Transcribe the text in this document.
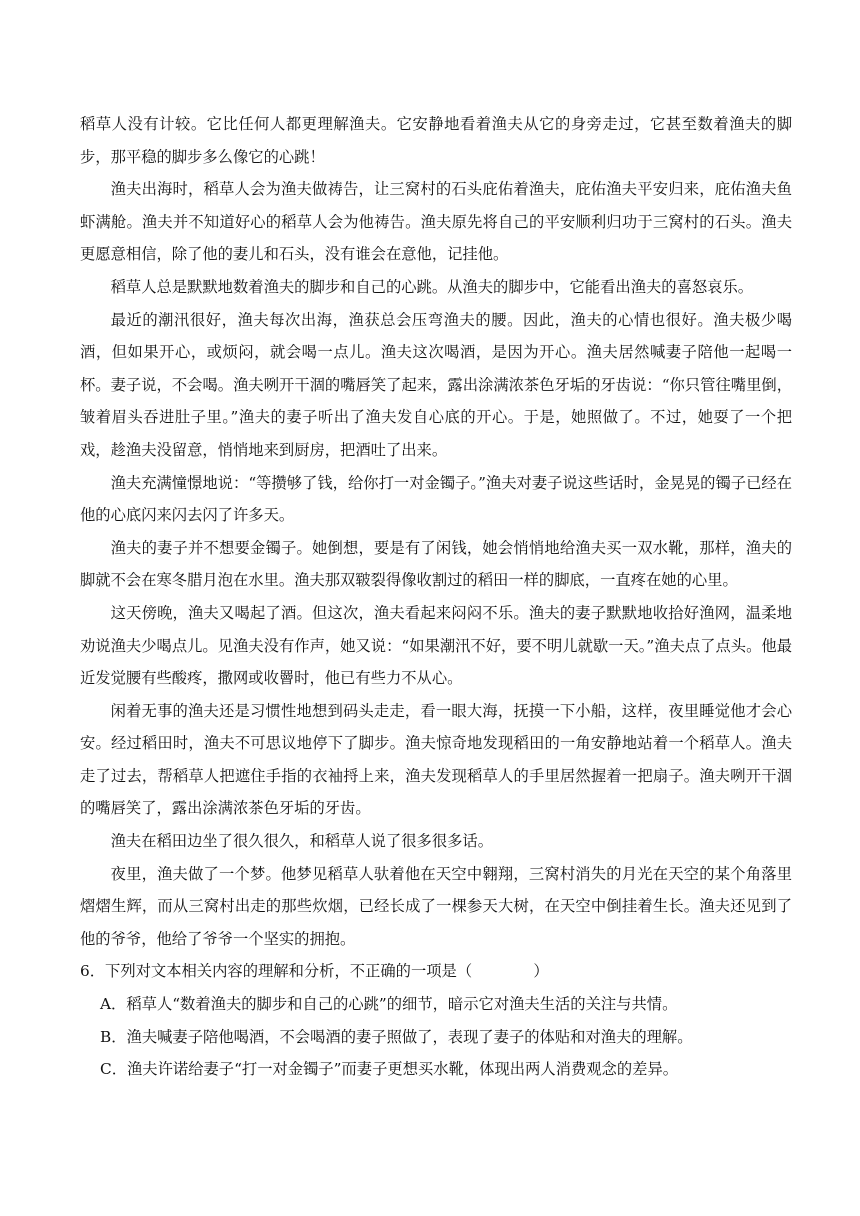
稻草人没有计较。它比任何人都更理解渔夫。它安静地看着渔夫从它的身旁走过，它甚至数着渔夫的脚步，那平稳的脚步多么像它的心跳！

渔夫出海时，稻草人会为渔夫做祷告，让三窝村的石头庇佑着渔夫，庇佑渔夫平安归来，庇佑渔夫鱼虾满舱。渔夫并不知道好心的稻草人会为他祷告。渔夫原先将自己的平安顺利归功于三窝村的石头。渔夫更愿意相信，除了他的妻儿和石头，没有谁会在意他，记挂他。

稻草人总是默默地数着渔夫的脚步和自己的心跳。从渔夫的脚步中，它能看出渔夫的喜怒哀乐。

最近的潮汛很好，渔夫每次出海，渔获总会压弯渔夫的腰。因此，渔夫的心情也很好。渔夫极少喝酒，但如果开心，或烦闷，就会喝一点儿。渔夫这次喝酒，是因为开心。渔夫居然喊妻子陪他一起喝一杯。妻子说，不会喝。渔夫咧开干涸的嘴唇笑了起来，露出涂满浓茶色牙垢的牙齿说：“你只管往嘴里倒，皱着眉头吞进肚子里。”渔夫的妻子听出了渔夫发自心底的开心。于是，她照做了。不过，她耍了一个把戏，趁渔夫没留意，悄悄地来到厨房，把酒吐了出来。

渔夫充满憧憬地说：“等攒够了钱，给你打一对金镯子。”渔夫对妻子说这些话时，金晃晃的镯子已经在他的心底闪来闪去闪了许多天。

渔夫的妻子并不想要金镯子。她倒想，要是有了闲钱，她会悄悄地给渔夫买一双水靴，那样，渔夫的脚就不会在寒冬腊月泡在水里。渔夫那双皲裂得像收割过的稻田一样的脚底，一直疼在她的心里。

这天傍晚，渔夫又喝起了酒。但这次，渔夫看起来闷闷不乐。渔夫的妻子默默地收拾好渔网，温柔地劝说渔夫少喝点儿。见渔夫没有作声，她又说：“如果潮汛不好，要不明儿就歇一天。”渔夫点了点头。他最近发觉腰有些酸疼，撒网或收罾时，他已有些力不从心。

闲着无事的渔夫还是习惯性地想到码头走走，看一眼大海，抚摸一下小船，这样，夜里睡觉他才会心安。经过稻田时，渔夫不可思议地停下了脚步。渔夫惊奇地发现稻田的一角安静地站着一个稻草人。渔夫走了过去，帮稻草人把遮住手指的衣袖捋上来，渔夫发现稻草人的手里居然握着一把扇子。渔夫咧开干涸的嘴唇笑了，露出涂满浓茶色牙垢的牙齿。

渔夫在稻田边坐了很久很久，和稻草人说了很多很多话。

夜里，渔夫做了一个梦。他梦见稻草人驮着他在天空中翱翔，三窝村消失的月光在天空的某个角落里熠熠生辉，而从三窝村出走的那些炊烟，已经长成了一棵参天大树，在天空中倒挂着生长。渔夫还见到了他的爷爷，他给了爷爷一个坚实的拥抱。

6．下列对文本相关内容的理解和分析，不正确的一项是（　　　　）

A．稻草人“数着渔夫的脚步和自己的心跳”的细节，暗示它对渔夫生活的关注与共情。

B．渔夫喊妻子陪他喝酒，不会喝酒的妻子照做了，表现了妻子的体贴和对渔夫的理解。

C．渔夫许诺给妻子“打一对金镯子”而妻子更想买水靴，体现出两人消费观念的差异。
